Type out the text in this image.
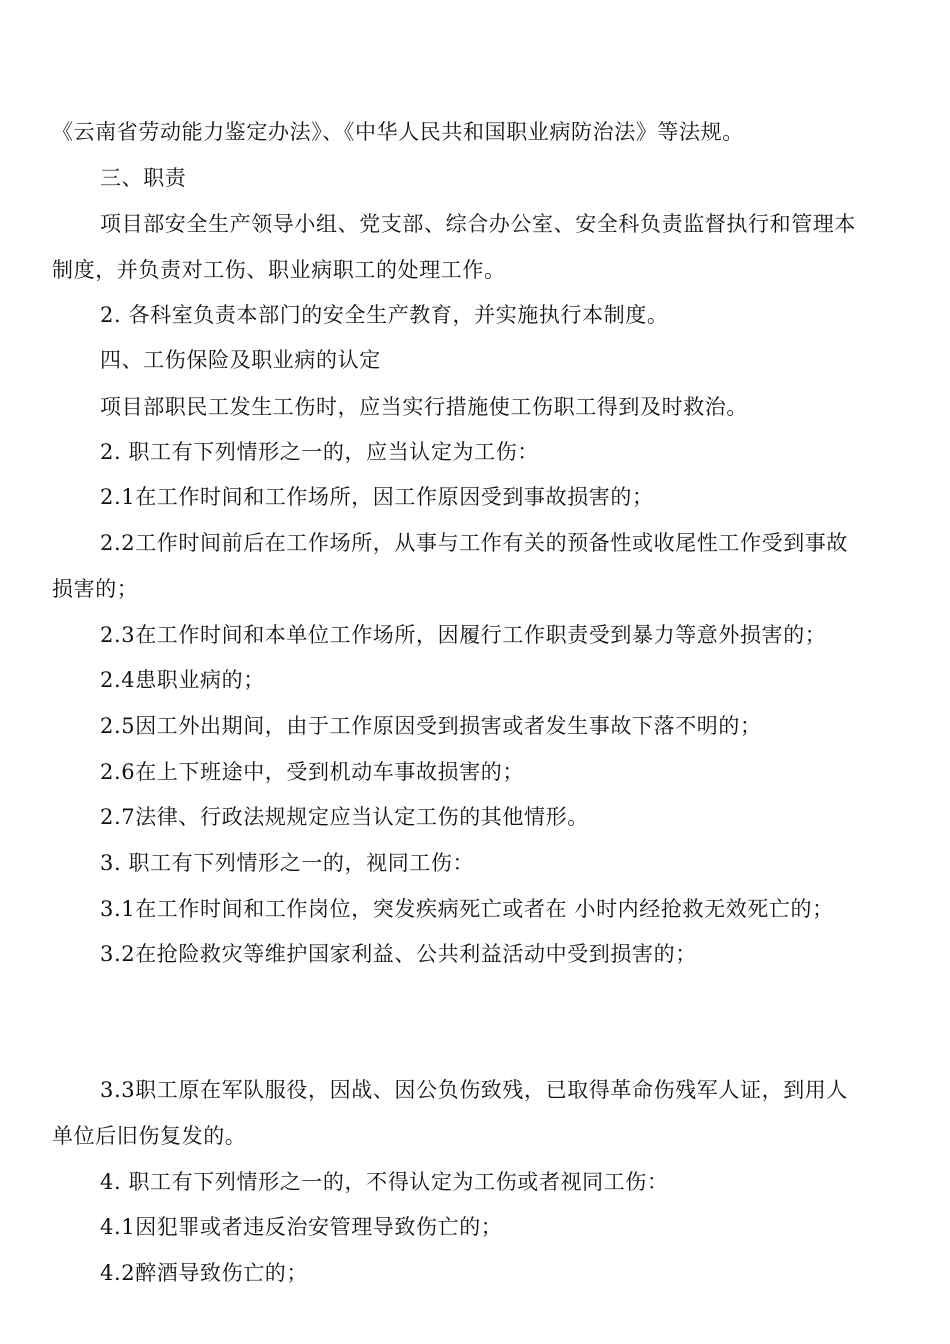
《云南省劳动能力鉴定办法》、《中华人民共和国职业病防治法》等法规。
三、职责
项目部安全生产领导小组、党支部、综合办公室、安全科负责监督执行和管理本
制度，并负责对工伤、职业病职工的处理工作。
2. 各科室负责本部门的安全生产教育，并实施执行本制度。
四、工伤保险及职业病的认定
项目部职民工发生工伤时，应当实行措施使工伤职工得到及时救治。
2. 职工有下列情形之一的，应当认定为工伤：
2.1在工作时间和工作场所，因工作原因受到事故损害的；
2.2工作时间前后在工作场所，从事与工作有关的预备性或收尾性工作受到事故
损害的；
2.3在工作时间和本单位工作场所，因履行工作职责受到暴力等意外损害的；
2.4患职业病的；
2.5因工外出期间，由于工作原因受到损害或者发生事故下落不明的；
2.6在上下班途中，受到机动车事故损害的；
2.7法律、行政法规规定应当认定工伤的其他情形。
3. 职工有下列情形之一的，视同工伤：
3.1在工作时间和工作岗位，突发疾病死亡或者在 小时内经抢救无效死亡的；
3.2在抢险救灾等维护国家利益、公共利益活动中受到损害的；
3.3职工原在军队服役，因战、因公负伤致残，已取得革命伤残军人证，到用人
单位后旧伤复发的。
4. 职工有下列情形之一的，不得认定为工伤或者视同工伤：
4.1因犯罪或者违反治安管理导致伤亡的；
4.2醉酒导致伤亡的；
